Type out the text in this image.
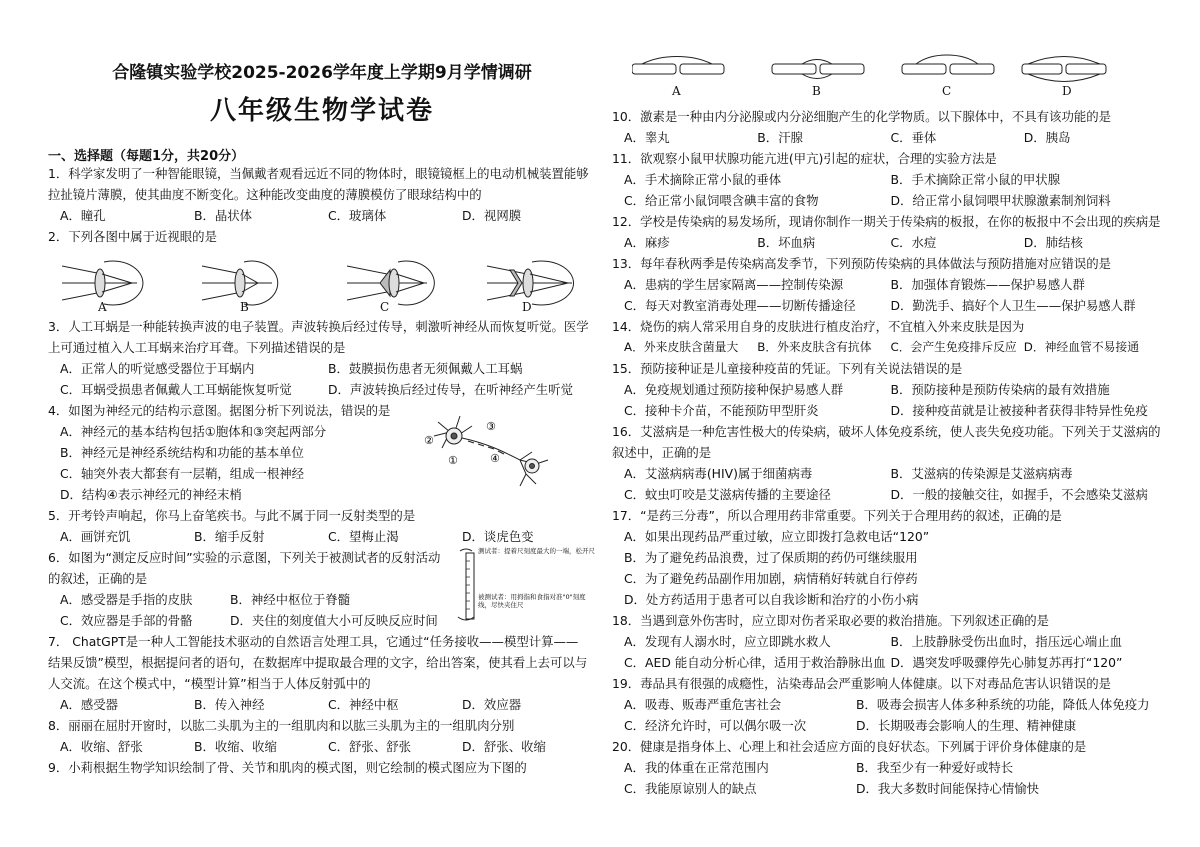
合隆镇实验学校2025-2026学年度上学期9月学情调研
八年级生物学试卷
一、选择题（每题1分，共20分）
1．科学家发明了一种智能眼镜，当佩戴者观看远近不同的物体时，眼镜镜框上的电动机械装置能够
拉扯镜片薄膜，使其曲度不断变化。这种能改变曲度的薄膜模仿了眼球结构中的
A．瞳孔	B．晶状体	C．玻璃体	D．视网膜
2．下列各图中属于近视眼的是
A	B	C	D
3．人工耳蜗是一种能转换声波的电子装置。声波转换后经过传导，刺激听神经从而恢复听觉。医学
上可通过植入人工耳蜗来治疗耳聋。下列描述错误的是
A．正常人的听觉感受器位于耳蜗内	B．鼓膜损伤患者无须佩戴人工耳蜗
C．耳蜗受损患者佩戴人工耳蜗能恢复听觉	D．声波转换后经过传导，在听神经产生听觉
4．如图为神经元的结构示意图。据图分析下列说法，错误的是
A．神经元的基本结构包括①胞体和③突起两部分
B．神经元是神经系统结构和功能的基本单位
C．轴突外表大都套有一层鞘，组成一根神经
D．结构④表示神经元的神经末梢
②
③
④
①
5．开考铃声响起，你马上奋笔疾书。与此不属于同一反射类型的是
A．画饼充饥	B．缩手反射	C．望梅止渴	D．谈虎色变
6．如图为“测定反应时间”实验的示意图，下列关于被测试者的反射活动
的叙述，正确的是
A．感受器是手指的皮肤	B．神经中枢位于脊髓
C．效应器是手部的骨骼	D．夹住的刻度值大小可反映反应时间
测试者：提着尺刻度最大的一端，松开尺
被测试者：用拇指和食指对准"0"刻度线，尽快夹住尺
7． ChatGPT是一种人工智能技术驱动的自然语言处理工具，它通过“任务接收——模型计算——
结果反馈”模型，根据提问者的语句，在数据库中提取最合理的文字，给出答案，使其看上去可以与
人交流。在这个模式中，“模型计算”相当于人体反射弧中的
A．感受器	B．传入神经	C．神经中枢	D．效应器
8．丽丽在屈肘开窗时，以肱二头肌为主的一组肌肉和以肱三头肌为主的一组肌肉分别
A．收缩、舒张	B．收缩、收缩	C．舒张、舒张	D．舒张、收缩
9．小莉根据生物学知识绘制了骨、关节和肌肉的模式图，则它绘制的模式图应为下图的
A	B	C	D
10．激素是一种由内分泌腺或内分泌细胞产生的化学物质。以下腺体中，不具有该功能的是
A．睾丸	B．汗腺	C．垂体	D．胰岛
11．欲观察小鼠甲状腺功能亢进(甲亢)引起的症状，合理的实验方法是
A．手术摘除正常小鼠的垂体	B．手术摘除正常小鼠的甲状腺
C．给正常小鼠饲喂含碘丰富的食物	D．给正常小鼠饲喂甲状腺激素制剂饲料
12．学校是传染病的易发场所，现请你制作一期关于传染病的板报，在你的板报中不会出现的疾病是
A．麻疹	B．坏血病	C．水痘	D．肺结核
13．每年春秋两季是传染病高发季节，下列预防传染病的具体做法与预防措施对应错误的是
A．患病的学生居家隔离——控制传染源	B．加强体育锻炼——保护易感人群
C．每天对教室消毒处理——切断传播途径	D．勤洗手、搞好个人卫生——保护易感人群
14．烧伤的病人常采用自身的皮肤进行植皮治疗，不宜植入外来皮肤是因为
A．外来皮肤含菌量大 B．外来皮肤含有抗体 C．会产生免疫排斥反应 D．神经血管不易接通
15．预防接种证是儿童接种疫苗的凭证。下列有关说法错误的是
A．免疫规划通过预防接种保护易感人群	B．预防接种是预防传染病的最有效措施
C．接种卡介苗，不能预防甲型肝炎	D．接种疫苗就是让被接种者获得非特异性免疫
16．艾滋病是一种危害性极大的传染病，破坏人体免疫系统，使人丧失免疫功能。下列关于艾滋病的
叙述中，正确的是
A．艾滋病病毒(HIV)属于细菌病毒	B．艾滋病的传染源是艾滋病病毒
C．蚊虫叮咬是艾滋病传播的主要途径	D．一般的接触交往，如握手，不会感染艾滋病
17．“是药三分毒”，所以合理用药非常重要。下列关于合理用药的叙述，正确的是
A．如果出现药品严重过敏，应立即拨打急救电话“120”
B．为了避免药品浪费，过了保质期的药仍可继续服用
C．为了避免药品副作用加剧，病情稍好转就自行停药
D．处方药适用于患者可以自我诊断和治疗的小伤小病
18．当遇到意外伤害时，应立即对伤者采取必要的救治措施。下列叙述正确的是
A．发现有人溺水时，应立即跳水救人	B．上肢静脉受伤出血时，指压远心端止血
C．AED 能自动分析心律，适用于救治静脉出血 D．遇突发呼吸骤停先心肺复苏再打“120”
19．毒品具有很强的成瘾性，沾染毒品会严重影响人体健康。以下对毒品危害认识错误的是
A．吸毒、贩毒严重危害社会	B．吸毒会损害人体多种系统的功能，降低人体免疫力
C．经济允许时，可以偶尔吸一次	D．长期吸毒会影响人的生理、精神健康
20．健康是指身体上、心理上和社会适应方面的良好状态。下列属于评价身体健康的是
A．我的体重在正常范围内	B．我至少有一种爱好或特长
C．我能原谅别人的缺点	D．我大多数时间能保持心情愉快
